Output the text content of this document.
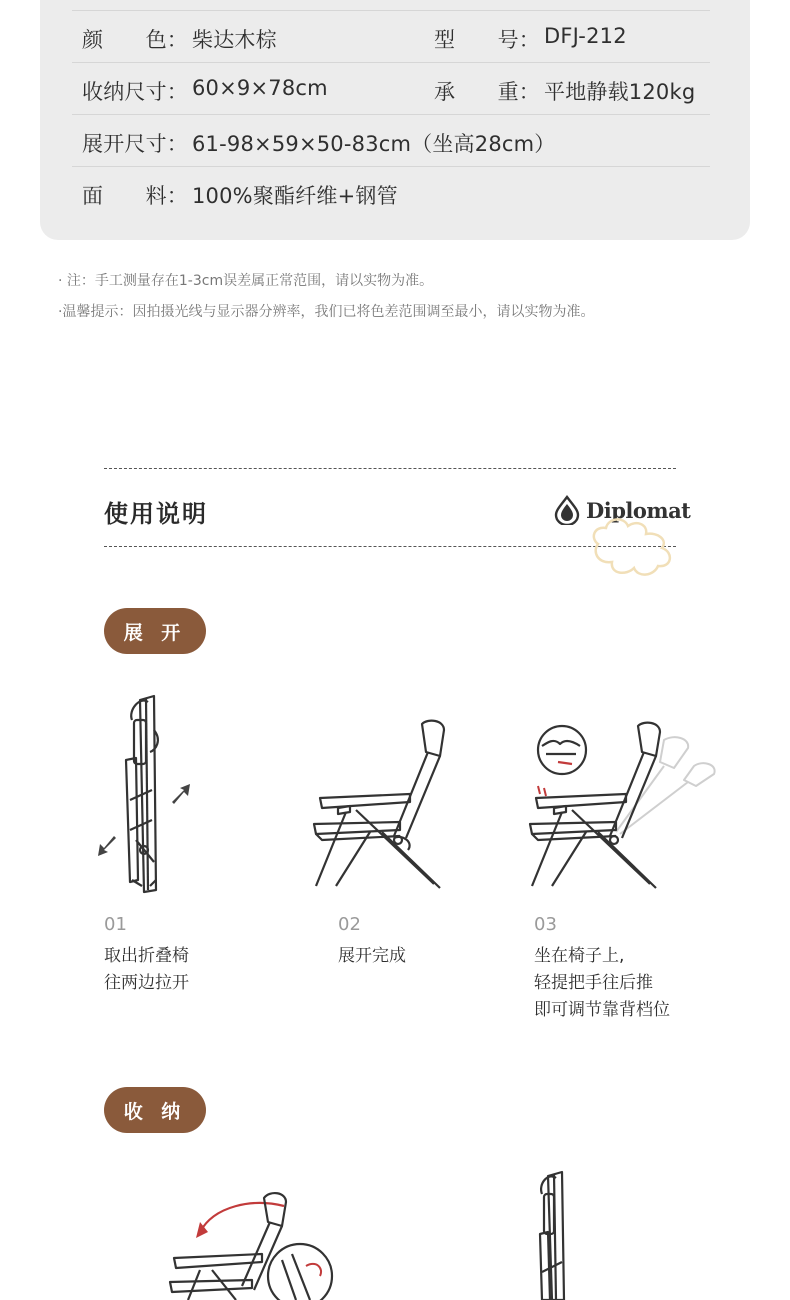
颜　　色： 柴达木棕	型　　号： DFJ-212
收纳尺寸： 60×9×78cm	承　　重： 平地静载120kg
展开尺寸： 61-98×59×50-83cm（坐高28cm）
面　　料： 100%聚酯纤维+钢管
· 注：手工测量存在1-3cm误差属正常范围，请以实物为准。
·温馨提示：因拍摄光线与显示器分辨率，我们已将色差范围调至最小，请以实物为准。
使用说明	Diplomat
展 开
01
取出折叠椅
往两边拉开
02
展开完成
03
坐在椅子上,
轻提把手往后推
即可调节靠背档位
收 纳
